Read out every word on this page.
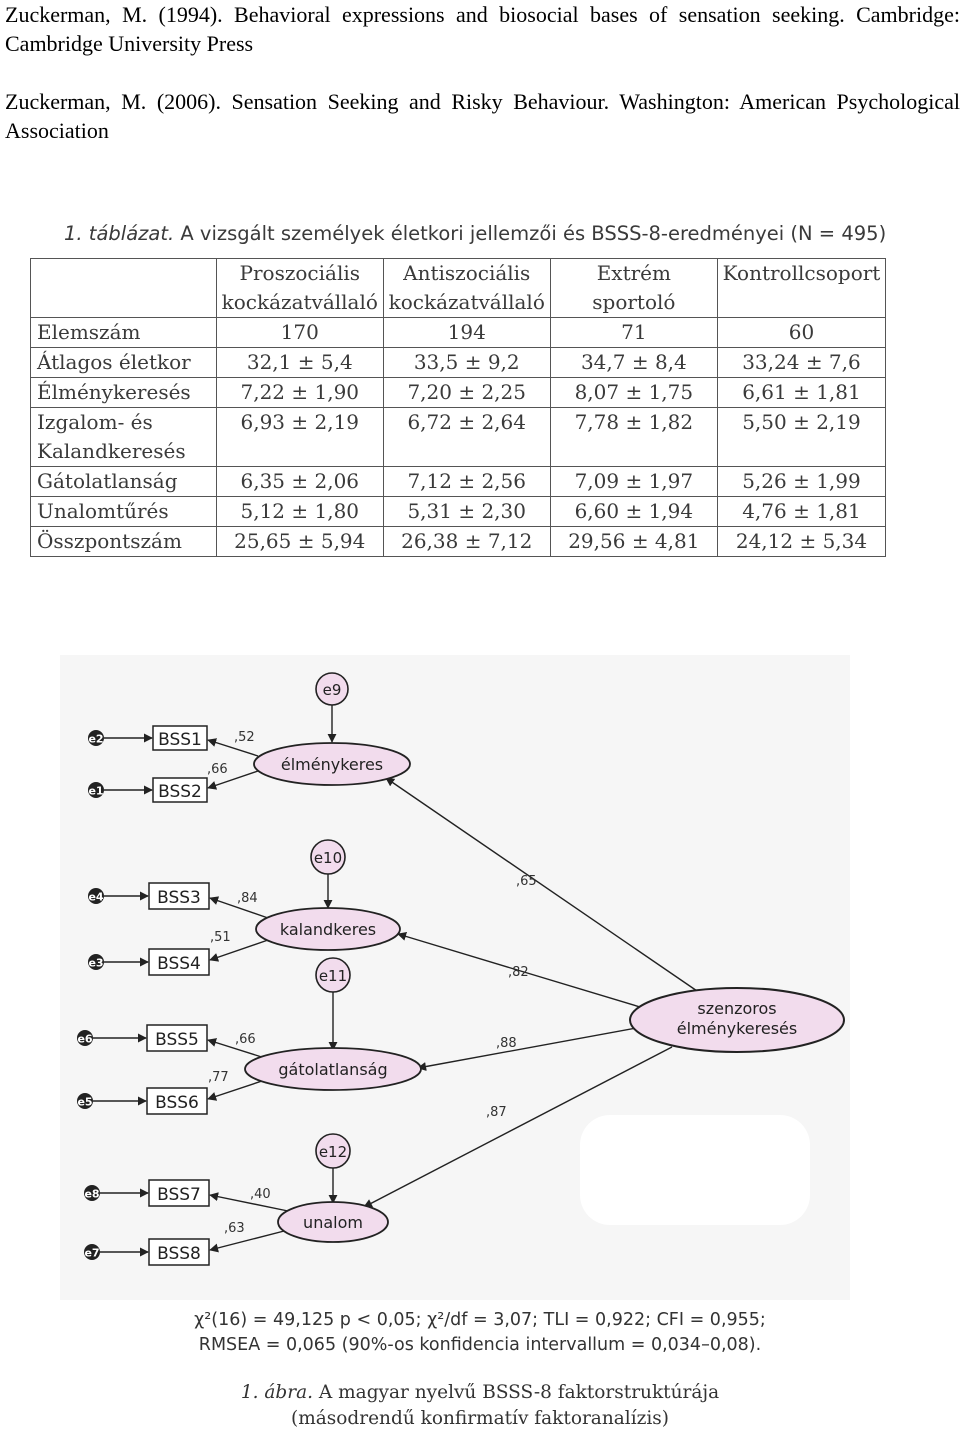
Zuckerman, M. (1994). Behavioral expressions and biosocial bases of sensation seeking. Cambridge: Cambridge University Press
Zuckerman, M. (2006). Sensation Seeking and Risky Behaviour. Washington: American Psychological Association
1. táblázat. A vizsgált személyek életkori jellemzői és BSSS-8-eredményei (N = 495)
	Proszociális kockázatvállaló	Antiszociális kockázatvállaló	Extrém sportoló	Kontrollcsoport
Elemszám	170	194	71	60
Átlagos életkor	32,1 ± 5,4	33,5 ± 9,2	34,7 ± 8,4	33,24 ± 7,6
Élménykeresés	7,22 ± 1,90	7,20 ± 2,25	8,07 ± 1,75	6,61 ± 1,81
Izgalom- és Kalandkeresés	6,93 ± 2,19	6,72 ± 2,64	7,78 ± 1,82	5,50 ± 2,19
Gátolatlanság	6,35 ± 2,06	7,12 ± 2,56	7,09 ± 1,97	5,26 ± 1,99
Unalomtűrés	5,12 ± 1,80	5,31 ± 2,30	6,60 ± 1,94	4,76 ± 1,81
Összpontszám	25,65 ± 5,94	26,38 ± 7,12	29,56 ± 4,81	24,12 ± 5,34
e2
e1
e4
e3
e6
e5
e8
e7
BSS1
BSS2
BSS3
BSS4
BSS5
BSS6
BSS7
BSS8
e9
e10
e11
e12
élménykeres
kalandkeres
gátolatlanság
unalom
szenzoros élménykeresés
,52
,66
,84
,51
,66
,77
,40
,63
,65
,82
,88
,87
χ²(16) = 49,125 p < 0,05; χ²/df = 3,07; TLI = 0,922; CFI = 0,955;
RMSEA = 0,065 (90%-os konfidencia intervallum = 0,034–0,08).
1. ábra. A magyar nyelvű BSSS-8 faktorstruktúrája
(másodrendű konfirmatív faktoranalízis)
